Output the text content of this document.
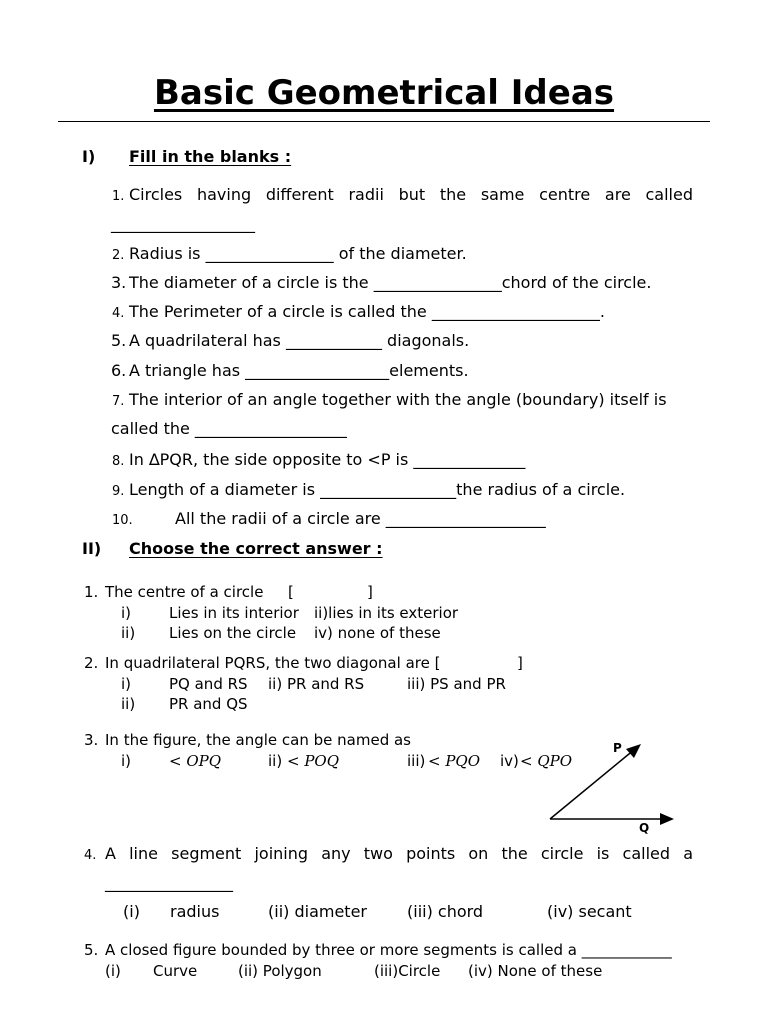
Basic Geometrical Ideas
I) Fill in the blanks :
1. Circles having different radii but the same centre are called
__________________
2. Radius is ________________ of the diameter.
3. The diameter of a circle is the ________________chord of the circle.
4. The Perimeter of a circle is called the _____________________.
5. A quadrilateral has ____________ diagonals.
6. A triangle has __________________elements.
7. The interior of an angle together with the angle (boundary) itself is
called the ___________________
8. In ∆PQR, the side opposite to <P is ______________
9. Length of a diameter is _________________the radius of a circle.
10.	All the radii of a circle are ____________________
II) Choose the correct answer :
1. The centre of a circle [	]
i)	Lies in its interior ii)lies in its exterior
ii) Lies on the circle iv) none of these
2. In quadrilateral PQRS, the two diagonal are [	]
i)	PQ and RS ii) PR and RS	iii) PS and PR
ii) PR and QS
3. In the figure, the angle can be named as
i)	< OPQ	ii) < POQ	iii) < PQO iv) < QPO
P
Q
4. A line segment joining any two points on the circle is called a
________________
(i) radius	(ii) diameter	(iii) chord	(iv) secant
5. A closed figure bounded by three or more segments is called a ____________
(i) Curve	(ii) Polygon	(iii)Circle (iv) None of these
